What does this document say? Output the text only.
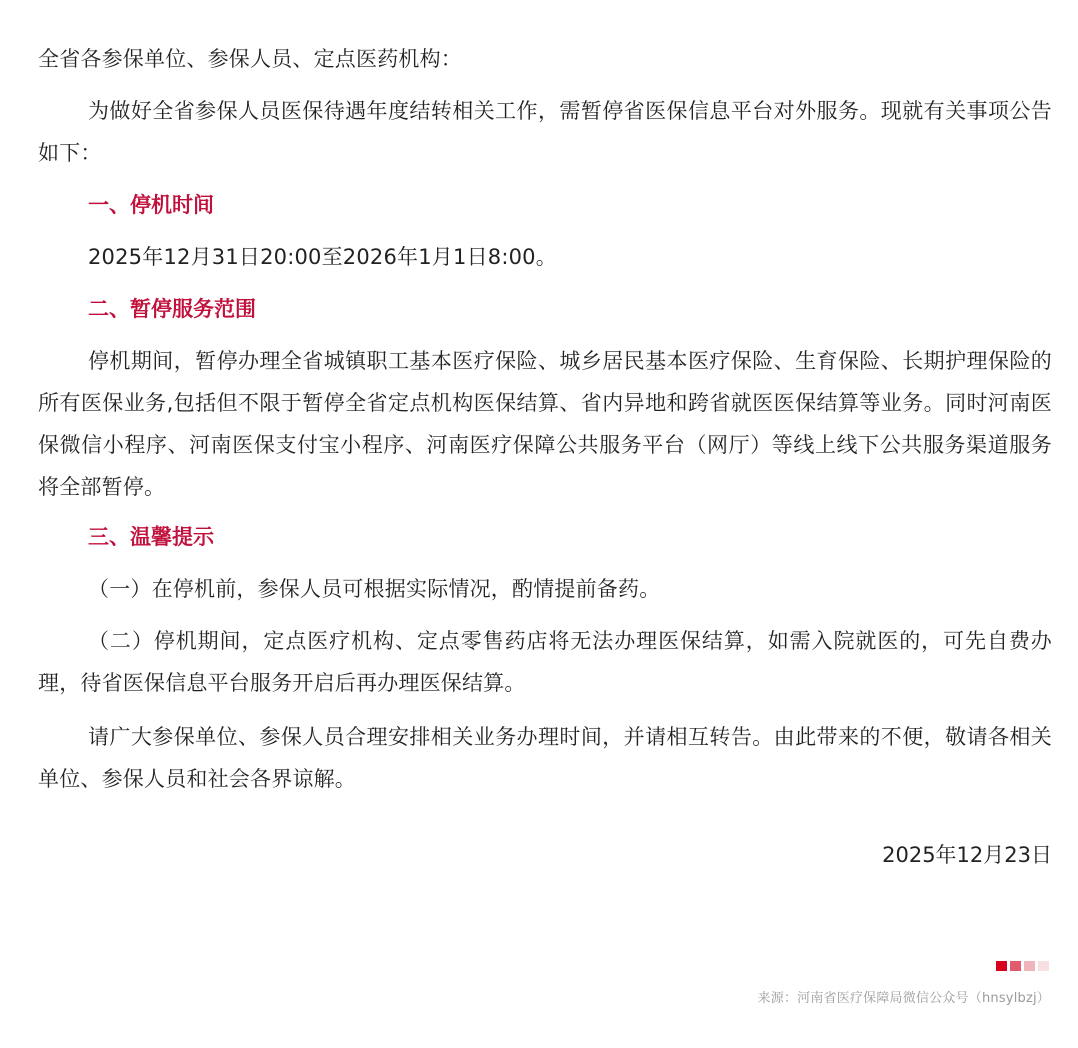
全省各参保单位、参保人员、定点医药机构：
为做好全省参保人员医保待遇年度结转相关工作，需暂停省医保信息平台对外服务。现就有关事项公告如下：
一、停机时间
2025年12月31日20:00至2026年1月1日8:00。
二、暂停服务范围
停机期间，暂停办理全省城镇职工基本医疗保险、城乡居民基本医疗保险、生育保险、长期护理保险的所有医保业务,包括但不限于暂停全省定点机构医保结算、省内异地和跨省就医医保结算等业务。同时河南医保微信小程序、河南医保支付宝小程序、河南医疗保障公共服务平台（网厅）等线上线下公共服务渠道服务将全部暂停。
三、温馨提示
（一）在停机前，参保人员可根据实际情况，酌情提前备药。
（二）停机期间，定点医疗机构、定点零售药店将无法办理医保结算，如需入院就医的，可先自费办理，待省医保信息平台服务开启后再办理医保结算。
请广大参保单位、参保人员合理安排相关业务办理时间，并请相互转告。由此带来的不便，敬请各相关单位、参保人员和社会各界谅解。
2025年12月23日
来源：河南省医疗保障局微信公众号（hnsylbzj）
